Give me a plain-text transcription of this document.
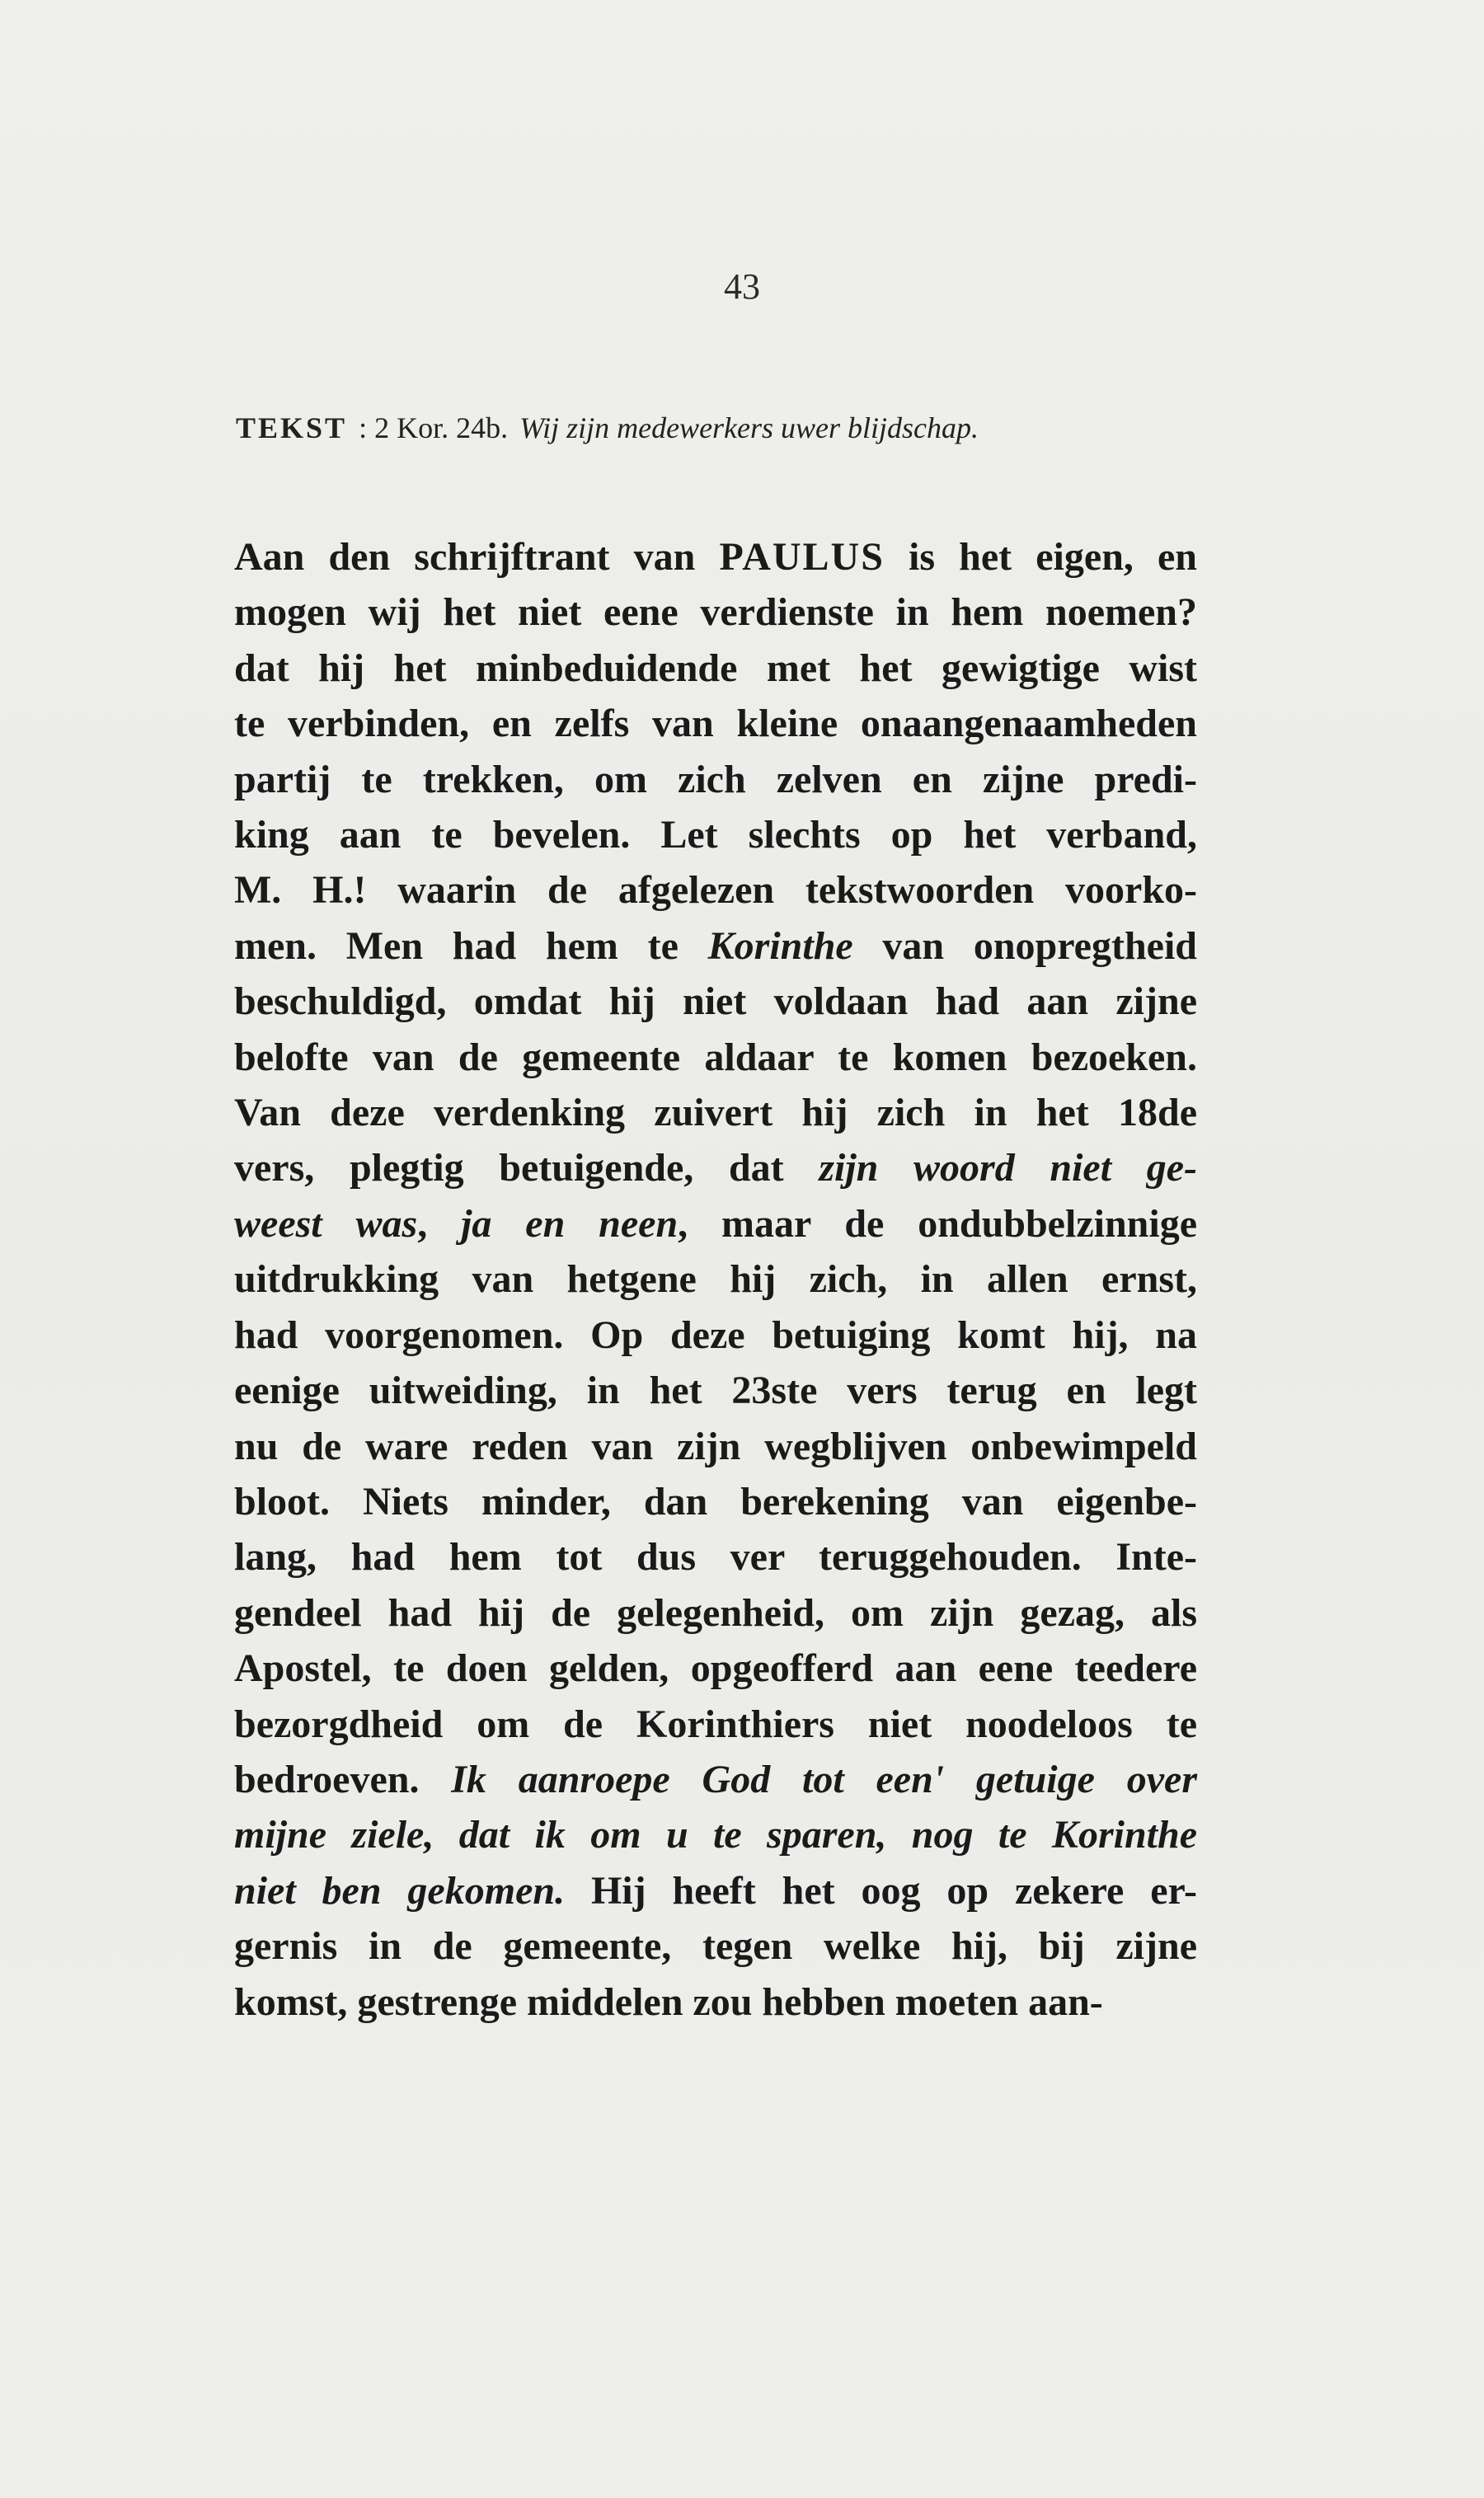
43
TEKST : 2 Kor. 24b. Wij zijn medewerkers uwer blijdschap.
Aan den schrijftrant van PAULUS is het eigen, en
mogen wij het niet eene verdienste in hem noemen?
dat hij het minbeduidende met het gewigtige wist
te verbinden, en zelfs van kleine onaangenaamheden
partij te trekken, om zich zelven en zijne predi-
king aan te bevelen. Let slechts op het verband,
M. H.! waarin de afgelezen tekstwoorden voorko-
men. Men had hem te Korinthe van onopregtheid
beschuldigd, omdat hij niet voldaan had aan zijne
belofte van de gemeente aldaar te komen bezoeken.
Van deze verdenking zuivert hij zich in het 18de
vers, plegtig betuigende, dat zijn woord niet ge-
weest was, ja en neen, maar de ondubbelzinnige
uitdrukking van hetgene hij zich, in allen ernst,
had voorgenomen. Op deze betuiging komt hij, na
eenige uitweiding, in het 23ste vers terug en legt
nu de ware reden van zijn wegblijven onbewimpeld
bloot. Niets minder, dan berekening van eigenbe-
lang, had hem tot dus ver teruggehouden. Inte-
gendeel had hij de gelegenheid, om zijn gezag, als
Apostel, te doen gelden, opgeofferd aan eene teedere
bezorgdheid om de Korinthiers niet noodeloos te
bedroeven. Ik aanroepe God tot een' getuige over
mijne ziele, dat ik om u te sparen, nog te Korinthe
niet ben gekomen. Hij heeft het oog op zekere er-
gernis in de gemeente, tegen welke hij, bij zijne
komst, gestrenge middelen zou hebben moeten aan-
